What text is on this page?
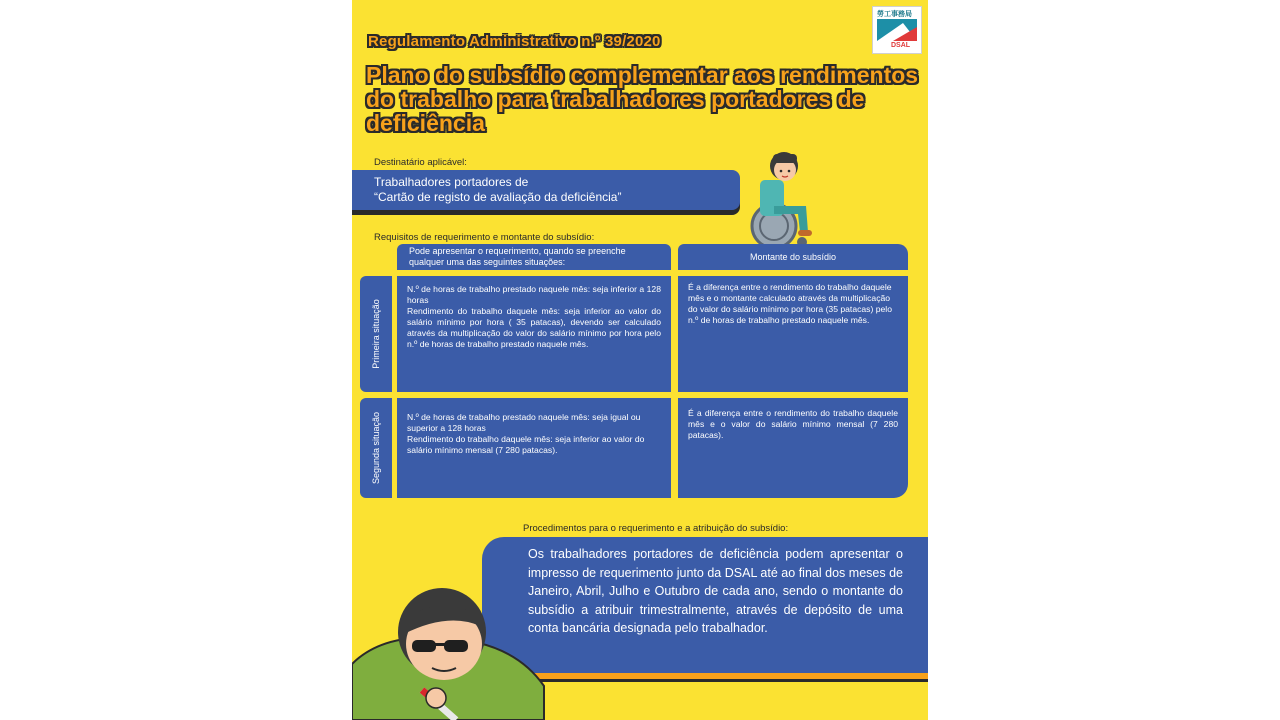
Regulamento Administrativo n.º 39/2020
Plano do subsídio complementar aos rendimentos do trabalho para trabalhadores portadores de deficiência
勞工事務局
DSAL
Destinatário aplicável:
Trabalhadores portadores de
“Cartão de registo de avaliação da deficiência”
Requisitos de requerimento e montante do subsídio:
Pode apresentar o requerimento, quando se preenche qualquer uma das seguintes situações:	Montante do subsídio
Primeira situação
N.º de horas de trabalho prestado naquele mês: seja inferior a 128 horas
Rendimento do trabalho daquele mês: seja inferior ao valor do salário mínimo por hora ( 35 patacas), devendo ser calculado através da multiplicação do valor do salário mínimo por hora pelo n.º de horas de trabalho prestado naquele mês.
É a diferença entre o rendimento do trabalho daquele mês e o montante calculado através da multiplicação do valor do salário mínimo por hora (35 patacas) pelo n.º de horas de trabalho prestado naquele mês.
Segunda situação	N.º de horas de trabalho prestado naquele mês: seja igual ou superior a 128 horas
Rendimento do trabalho daquele mês: seja inferior ao valor do salário mínimo mensal (7 280 patacas).
É a diferença entre o rendimento do trabalho daquele mês e o valor do salário mínimo mensal (7 280 patacas).
Procedimentos para o requerimento e a atribuição do subsídio:
Os trabalhadores portadores de deficiência podem apresentar o impresso de requerimento junto da DSAL até ao final dos meses de Janeiro, Abril, Julho e Outubro de cada ano, sendo o montante do subsídio a atribuir trimestralmente, através de depósito de uma conta bancária designada pelo trabalhador.
